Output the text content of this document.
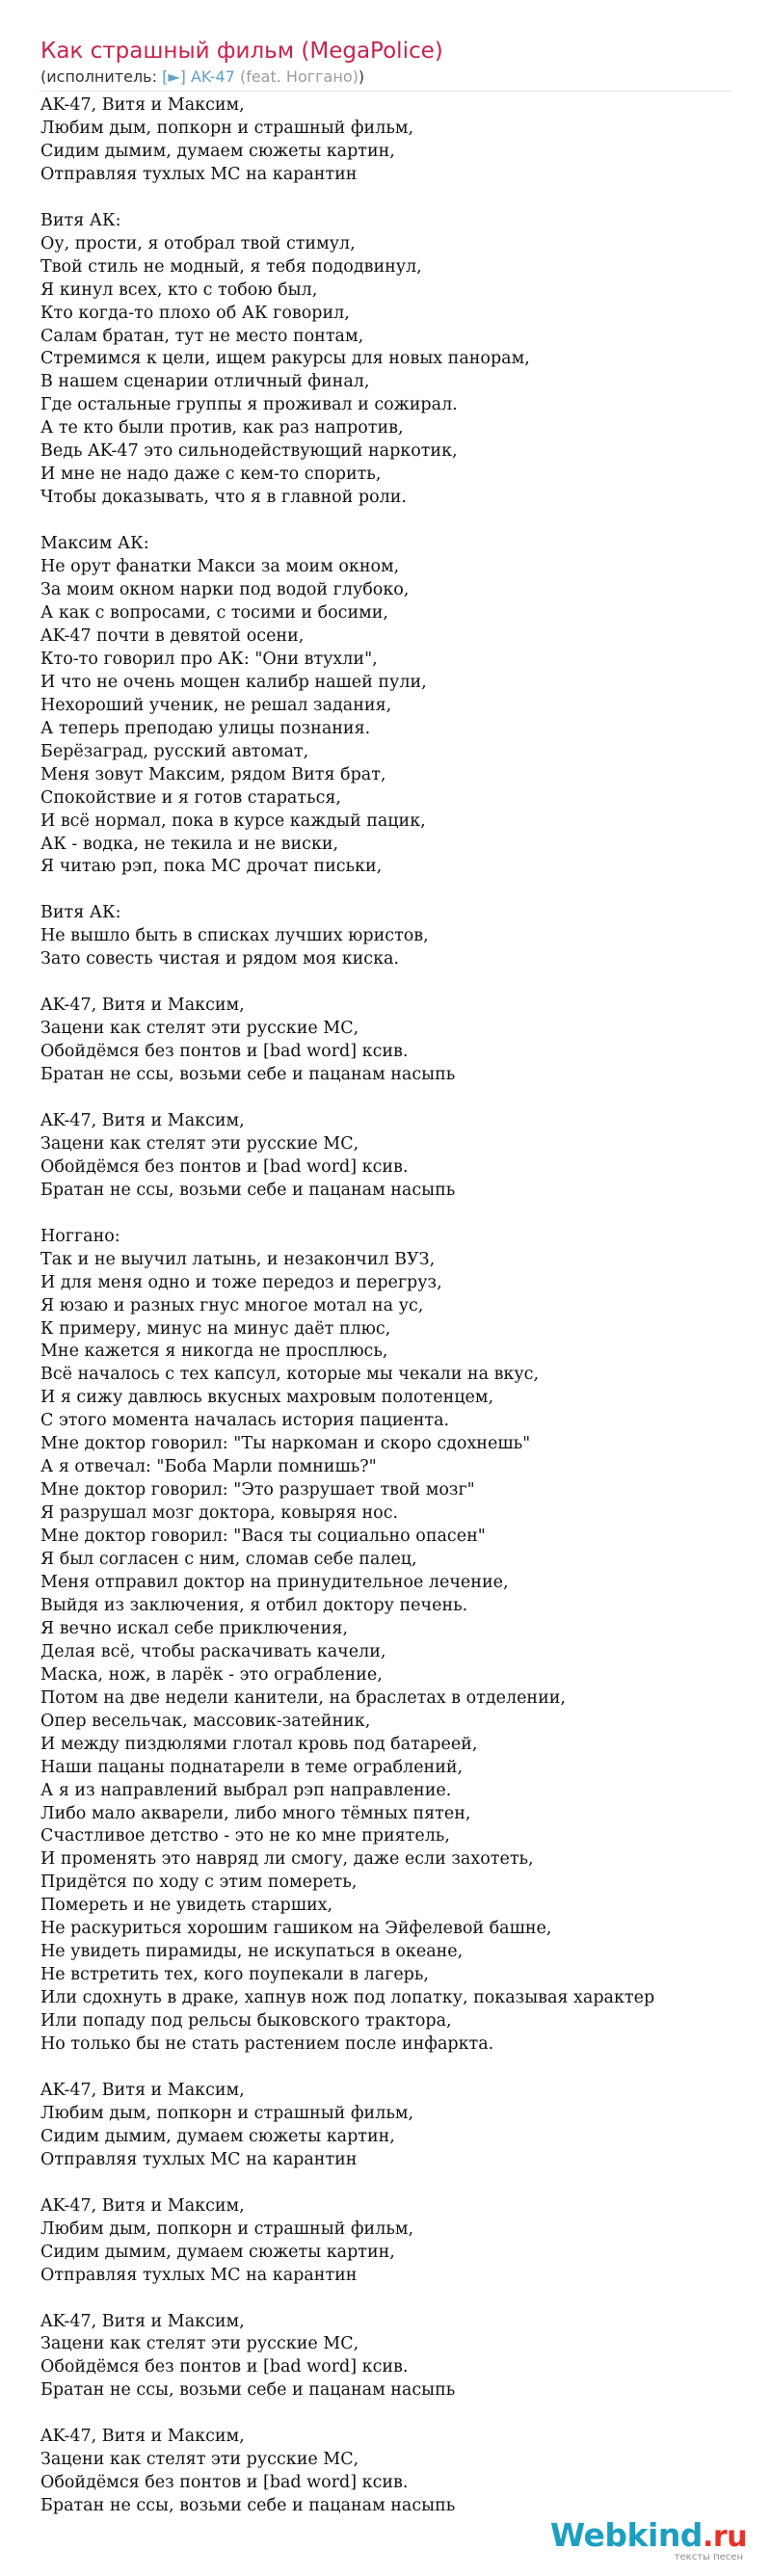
Как страшный фильм (MegaPolice)
(исполнитель: [►] AK-47 (feat. Ноггано))
AK-47, Витя и Максим,
Любим дым, попкорн и страшный фильм,
Сидим дымим, думаем сюжеты картин,
Отправляя тухлых МС на карантин

Витя АК:
Оу, прости, я отобрал твой стимул,
Твой стиль не модный, я тебя пододвинул,
Я кинул всех, кто с тобою был,
Кто когда-то плохо об АК говорил,
Салам братан, тут не место понтам,
Стремимся к цели, ищем ракурсы для новых панорам,
В нашем сценарии отличный финал,
Где остальные группы я проживал и сожирал.
А те кто были против, как раз напротив,
Ведь AK-47 это сильнодействующий наркотик,
И мне не надо даже с кем-то спорить,
Чтобы доказывать, что я в главной роли.

Максим АК:
Не орут фанатки Макси за моим окном,
За моим окном нарки под водой глубоко,
А как с вопросами, с тосими и босими,
AK-47 почти в девятой осени,
Кто-то говорил про АК: "Они втухли",
И что не очень мощен калибр нашей пули,
Нехороший ученик, не решал задания,
А теперь преподаю улицы познания.
Берёзаград, русский автомат,
Меня зовут Максим, рядом Витя брат,
Спокойствие и я готов стараться,
И всё нормал, пока в курсе каждый пацик,
АК - водка, не текила и не виски,
Я читаю рэп, пока МС дрочат письки,

Витя АК:
Не вышло быть в списках лучших юристов,
Зато совесть чистая и рядом моя киска.

AK-47, Витя и Максим,
Зацени как стелят эти русские МС,
Обойдёмся без понтов и [bad word] ксив.
Братан не ссы, возьми себе и пацанам насыпь

AK-47, Витя и Максим,
Зацени как стелят эти русские МС,
Обойдёмся без понтов и [bad word] ксив.
Братан не ссы, возьми себе и пацанам насыпь

Ноггано:
Так и не выучил латынь, и незакончил ВУЗ,
И для меня одно и тоже передоз и перегруз,
Я юзаю и разных гнус многое мотал на ус,
К примеру, минус на минус даёт плюс,
Мне кажется я никогда не просплюсь,
Всё началось с тех капсул, которые мы чекали на вкус,
И я сижу давлюсь вкусных махровым полотенцем,
С этого момента началась история пациента.
Мне доктор говорил: "Ты наркоман и скоро сдохнешь"
А я отвечал: "Боба Марли помнишь?"
Мне доктор говорил: "Это разрушает твой мозг"
Я разрушал мозг доктора, ковыряя нос.
Мне доктор говорил: "Вася ты социально опасен"
Я был согласен с ним, сломав себе палец,
Меня отправил доктор на принудительное лечение,
Выйдя из заключения, я отбил доктору печень.
Я вечно искал себе приключения,
Делая всё, чтобы раскачивать качели,
Маска, нож, в ларёк - это ограбление,
Потом на две недели канители, на браслетах в отделении,
Опер весельчак, массовик-затейник,
И между пиздюлями глотал кровь под батареей,
Наши пацаны поднатарели в теме ограблений,
А я из направлений выбрал рэп направление.
Либо мало акварели, либо много тёмных пятен,
Счастливое детство - это не ко мне приятель,
И променять это навряд ли смогу, даже если захотеть,
Придётся по ходу с этим помереть,
Помереть и не увидеть старших,
Не раскуриться хорошим гашиком на Эйфелевой башне,
Не увидеть пирамиды, не искупаться в океане,
Не встретить тех, кого поупекали в лагерь,
Или сдохнуть в драке, хапнув нож под лопатку, показывая характер
Или попаду под рельсы быковского трактора,
Но только бы не стать растением после инфаркта.

AK-47, Витя и Максим,
Любим дым, попкорн и страшный фильм,
Сидим дымим, думаем сюжеты картин,
Отправляя тухлых МС на карантин

AK-47, Витя и Максим,
Любим дым, попкорн и страшный фильм,
Сидим дымим, думаем сюжеты картин,
Отправляя тухлых МС на карантин

AK-47, Витя и Максим,
Зацени как стелят эти русские МС,
Обойдёмся без понтов и [bad word] ксив.
Братан не ссы, возьми себе и пацанам насыпь

AK-47, Витя и Максим,
Зацени как стелят эти русские МС,
Обойдёмся без понтов и [bad word] ксив.
Братан не ссы, возьми себе и пацанам насыпь

Webkind.ru
тексты песен
